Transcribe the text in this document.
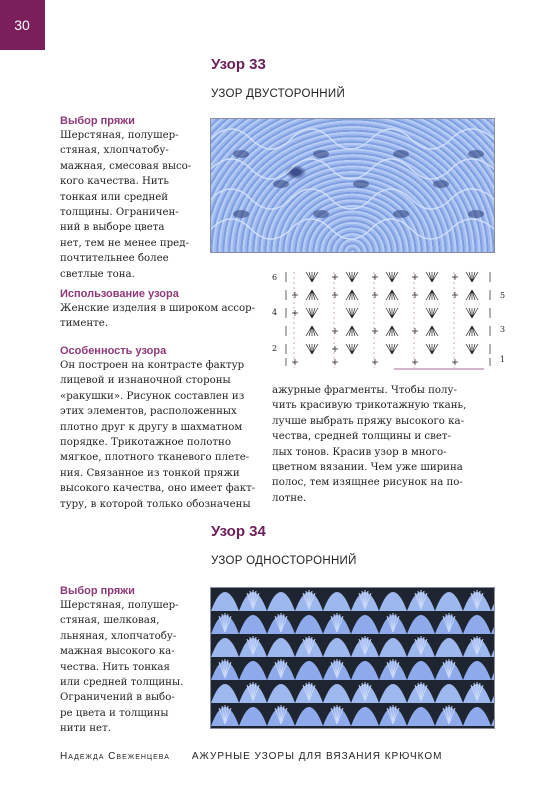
30
Узор 33
УЗОР ДВУСТОРОННИЙ
Выбор пряжи

Шерстяная, полушер-
стяная, хлопчатобу-
мажная, смесовая высо-
кого качества. Нить
тонкая или средней
толщины. Ограничен-
ний в выборе цвета
нет, тем не менее пред-
почтительнее более
светлые тона.

Использование узора

Женские изделия в широком ассор-
тименте.

Особенность узора

Он построен на контрасте фактур
лицевой и изнаночной стороны
«ракушки». Рисунок составлен из
этих элементов, расположенных
плотно друг к другу в шахматном
порядке. Трикотажное полотно
мягкое, плотного тканевого плете-
ния. Связанное из тонкой пряжи
высокого качества, оно имеет факт-
туру, в которой только обозначены

6
4
2
5
3
1

ажурные фрагменты. Чтобы полу-
чить красивую трикотажную ткань,
лучше выбрать пряжу высокого ка-
чества, средней толщины и свет-
лых тонов. Красив узор в много-
цветном вязании. Чем уже ширина
полос, тем изящнее рисунок на по-
лотне.

Узор 34
УЗОР ОДНОСТОРОННИЙ
Выбор пряжи

Шерстяная, полушер-
стяная, шелковая,
льняная, хлопчатобу-
мажная высокого ка-
чества. Нить тонкая
или средней толщины.
Ограничений в выбо-
ре цвета и толщины
нити нет.

Надежда Свеженцева АЖУРНЫЕ УЗОРЫ ДЛЯ ВЯЗАНИЯ КРЮЧКОМ
